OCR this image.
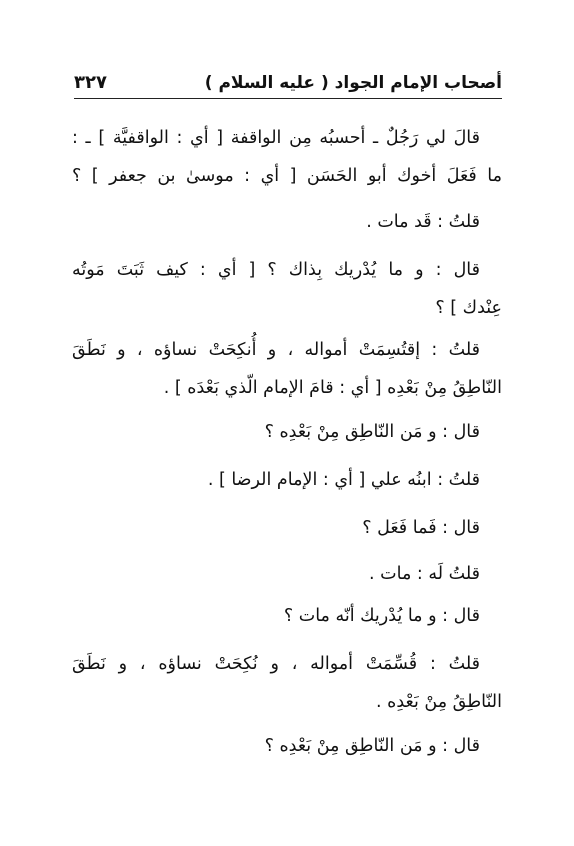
أصحاب الإمام الجواد ( عليه السلام )
٣٢٧
قالَ لي رَجُلٌ ـ أحسبُه مِن الواقفة [ أي : الواقفيَّة ] ـ :
ما فَعَلَ أخوك أبو الحَسَن [ أي : موسىٰ بن جعفر ] ؟
قلتُ : قَد مات .
قال : و ما يُدْريك بِذاك ؟ [ أي : كيف ثَبَتَ مَوتُه
عِنْدك ] ؟
قلتُ : إقتُسِمَتْ أمواله ، و أُنكِحَتْ نساؤه ، و نَطَقَ
النّاطِقُ مِنْ بَعْدِه [ أي : قامَ الإمام الّذي بَعْدَه ] .
قال : و مَن النّاطِق مِنْ بَعْدِه ؟
قلتُ : ابنُه علي [ أي : الإمام الرضا ] .
قال : فَما فَعَل ؟
قلتُ لَه : مات .
قال : و ما يُدْريك أنّه مات ؟
قلتُ : قُسِّمَتْ أمواله ، و نُكِحَتْ نساؤه ، و نَطَقَ
النّاطِقُ مِنْ بَعْدِه .
قال : و مَن النّاطِق مِنْ بَعْدِه ؟
